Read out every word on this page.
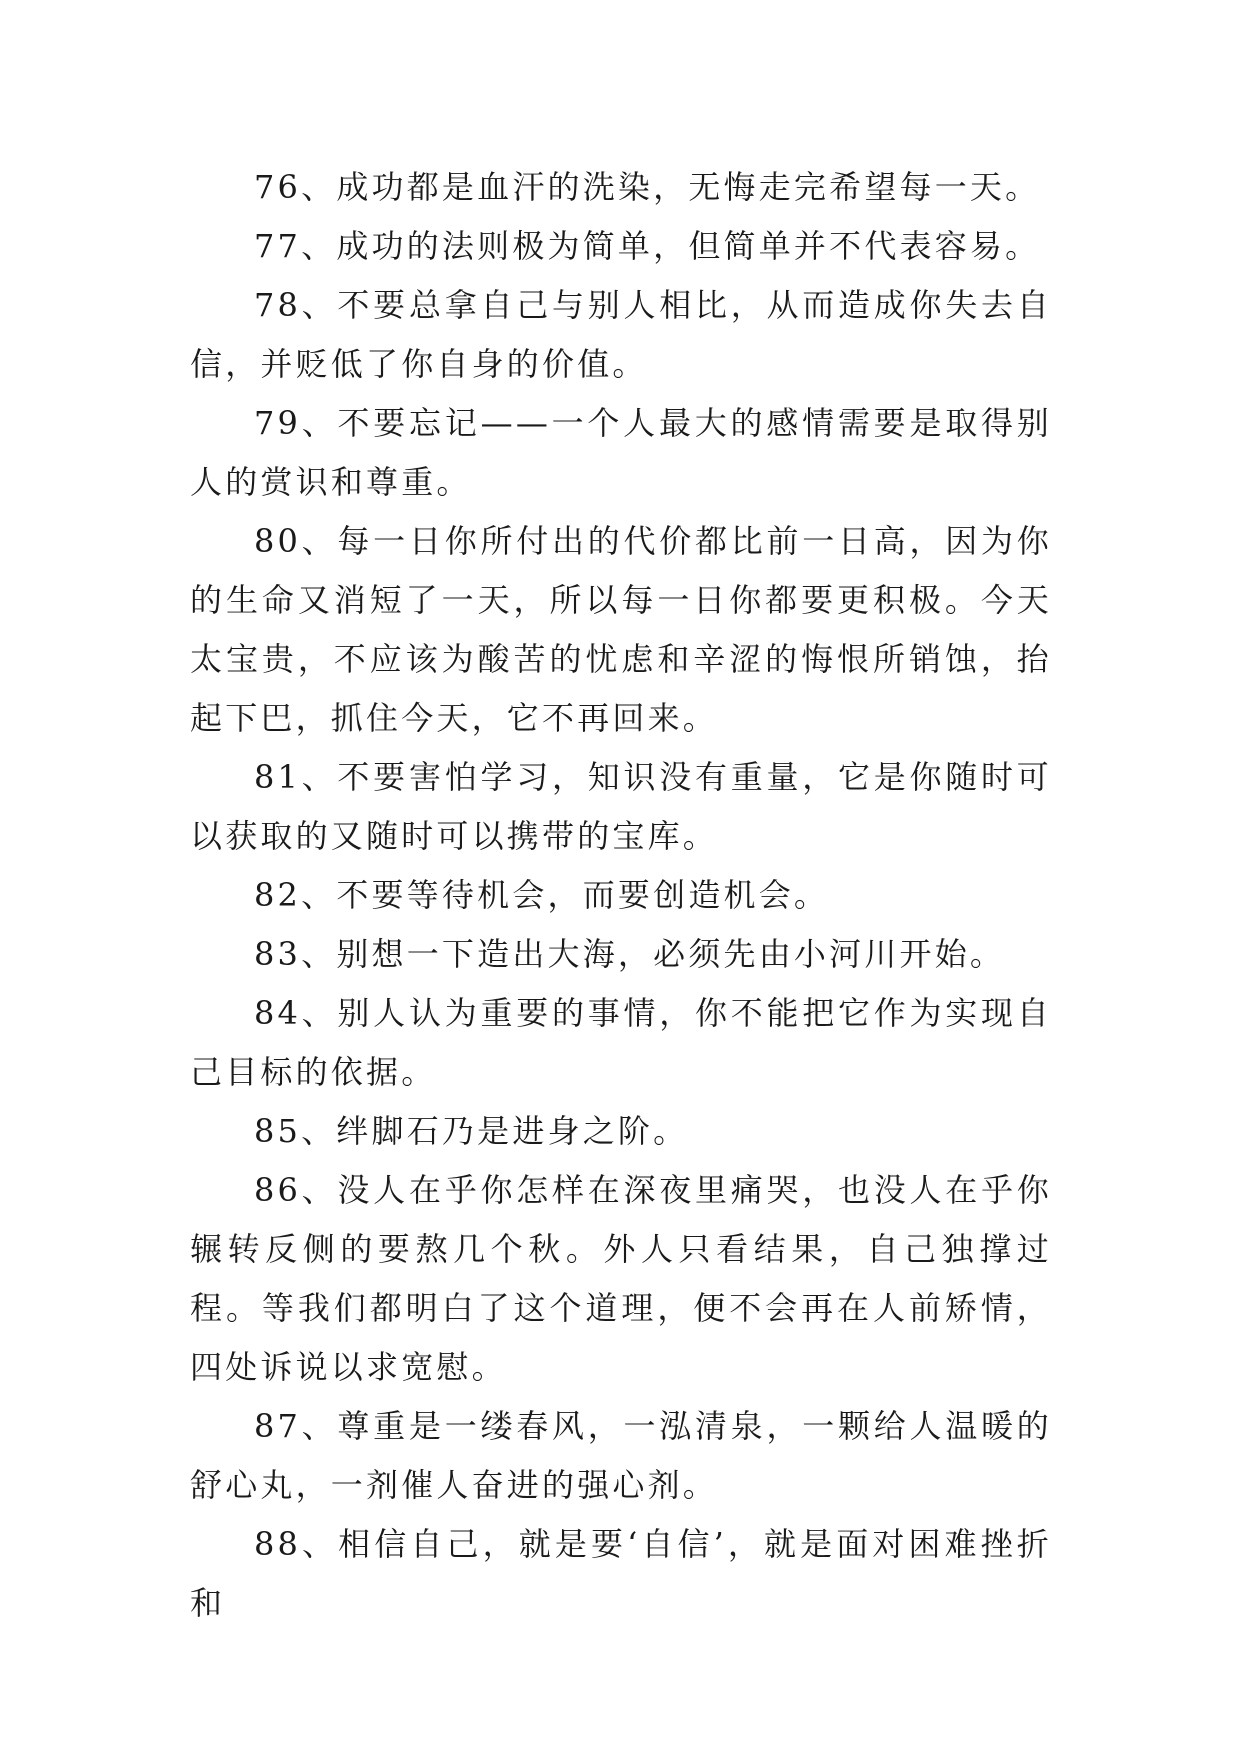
76、成功都是血汗的洗染，无悔走完希望每一天。

77、成功的法则极为简单，但简单并不代表容易。

78、不要总拿自己与别人相比，从而造成你失去自信，并贬低了你自身的价值。

79、不要忘记——一个人最大的感情需要是取得别人的赏识和尊重。

80、每一日你所付出的代价都比前一日高，因为你的生命又消短了一天，所以每一日你都要更积极。今天太宝贵，不应该为酸苦的忧虑和辛涩的悔恨所销蚀，抬起下巴，抓住今天，它不再回来。

81、不要害怕学习，知识没有重量，它是你随时可以获取的又随时可以携带的宝库。

82、不要等待机会，而要创造机会。

83、别想一下造出大海，必须先由小河川开始。

84、别人认为重要的事情，你不能把它作为实现自己目标的依据。

85、绊脚石乃是进身之阶。

86、没人在乎你怎样在深夜里痛哭，也没人在乎你辗转反侧的要熬几个秋。外人只看结果，自己独撑过程。等我们都明白了这个道理，便不会再在人前矫情，四处诉说以求宽慰。

87、尊重是一缕春风，一泓清泉，一颗给人温暖的舒心丸，一剂催人奋进的强心剂。

88、相信自己，就是要‘自信’，就是面对困难挫折和
